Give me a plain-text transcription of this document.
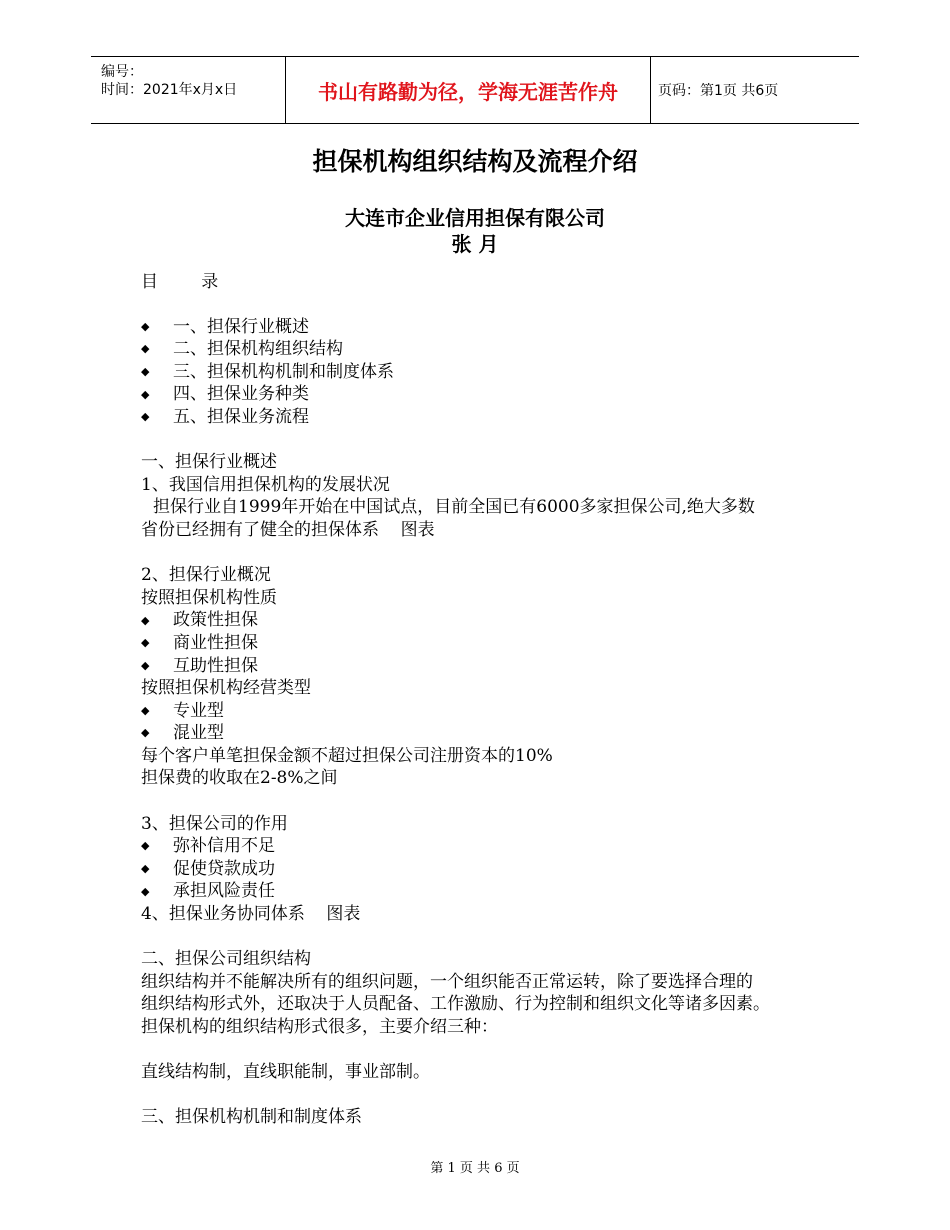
编号：
时间：2021年x月x日	书山有路勤为径，学海无涯苦作舟	页码：第1页 共6页
担保机构组织结构及流程介绍
大连市企业信用担保有限公司
张 月
目        录
◆ 一、担保行业概述
◆ 二、担保机构组织结构
◆ 三、担保机构机制和制度体系
◆ 四、担保业务种类
◆ 五、担保业务流程
一、担保行业概述
1、我国信用担保机构的发展状况
担保行业自1999年开始在中国试点，目前全国已有6000多家担保公司,绝大多数
省份已经拥有了健全的担保体系    图表
2、担保行业概况
按照担保机构性质
◆ 政策性担保
◆ 商业性担保
◆ 互助性担保
按照担保机构经营类型
◆ 专业型
◆ 混业型
每个客户单笔担保金额不超过担保公司注册资本的10%
担保费的收取在2-8%之间
3、担保公司的作用
◆ 弥补信用不足
◆ 促使贷款成功
◆ 承担风险责任
4、担保业务协同体系    图表
二、担保公司组织结构
组织结构并不能解决所有的组织问题，一个组织能否正常运转，除了要选择合理的
组织结构形式外，还取决于人员配备、工作激励、行为控制和组织文化等诸多因素。
担保机构的组织结构形式很多，主要介绍三种：
直线结构制，直线职能制，事业部制。
三、担保机构机制和制度体系
第 1 页 共 6 页
